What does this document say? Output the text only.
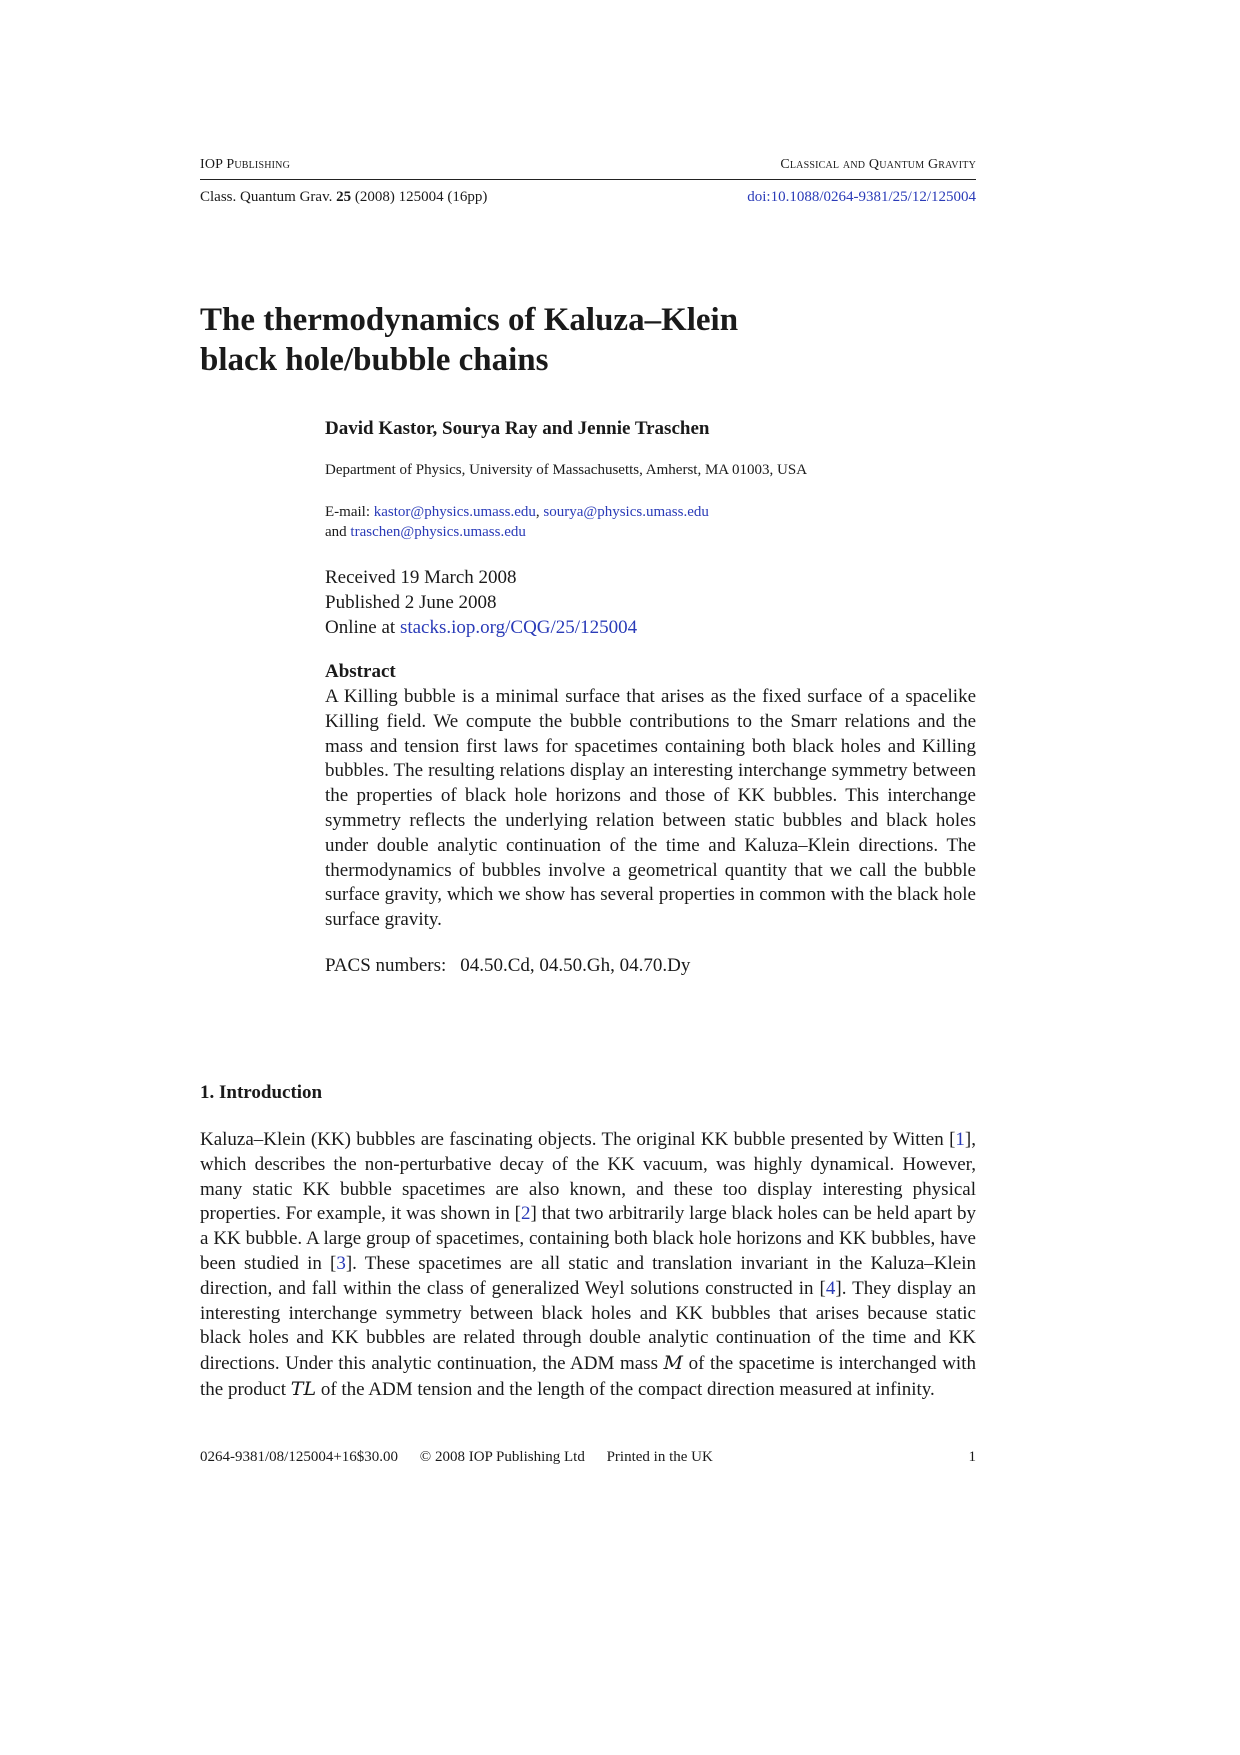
IOP Publishing	Classical and Quantum Gravity
Class. Quantum Grav. 25 (2008) 125004 (16pp)	doi:10.1088/0264-9381/25/12/125004
The thermodynamics of Kaluza–Klein
black hole/bubble chains
David Kastor, Sourya Ray and Jennie Traschen
Department of Physics, University of Massachusetts, Amherst, MA 01003, USA
E-mail: kastor@physics.umass.edu, sourya@physics.umass.edu
and traschen@physics.umass.edu
Received 19 March 2008
Published 2 June 2008
Online at stacks.iop.org/CQG/25/125004
Abstract

A Killing bubble is a minimal surface that arises as the fixed surface of a spacelike Killing field. We compute the bubble contributions to the Smarr relations and the mass and tension first laws for spacetimes containing both black holes and Killing bubbles. The resulting relations display an interesting interchange symmetry between the properties of black hole horizons and those of KK bubbles. This interchange symmetry reflects the underlying relation between static bubbles and black holes under double analytic continuation of the time and Kaluza–Klein directions. The thermodynamics of bubbles involve a geometrical quantity that we call the bubble surface gravity, which we show has several properties in common with the black hole surface gravity.

PACS numbers: 04.50.Cd, 04.50.Gh, 04.70.Dy
1. Introduction

Kaluza–Klein (KK) bubbles are fascinating objects. The original KK bubble presented by Witten [1], which describes the non-perturbative decay of the KK vacuum, was highly dynamical. However, many static KK bubble spacetimes are also known, and these too display interesting physical properties. For example, it was shown in [2] that two arbitrarily large black holes can be held apart by a KK bubble. A large group of spacetimes, containing both black hole horizons and KK bubbles, have been studied in [3]. These spacetimes are all static and translation invariant in the Kaluza–Klein direction, and fall within the class of generalized Weyl solutions constructed in [4]. They display an interesting interchange symmetry between black holes and KK bubbles that arises because static black holes and KK bubbles are related through double analytic continuation of the time and KK directions. Under this analytic continuation, the ADM mass M of the spacetime is interchanged with the product TL of the ADM tension and the length of the compact direction measured at infinity.

0264-9381/08/125004+16$30.00 © 2008 IOP Publishing Ltd Printed in the UK	1
